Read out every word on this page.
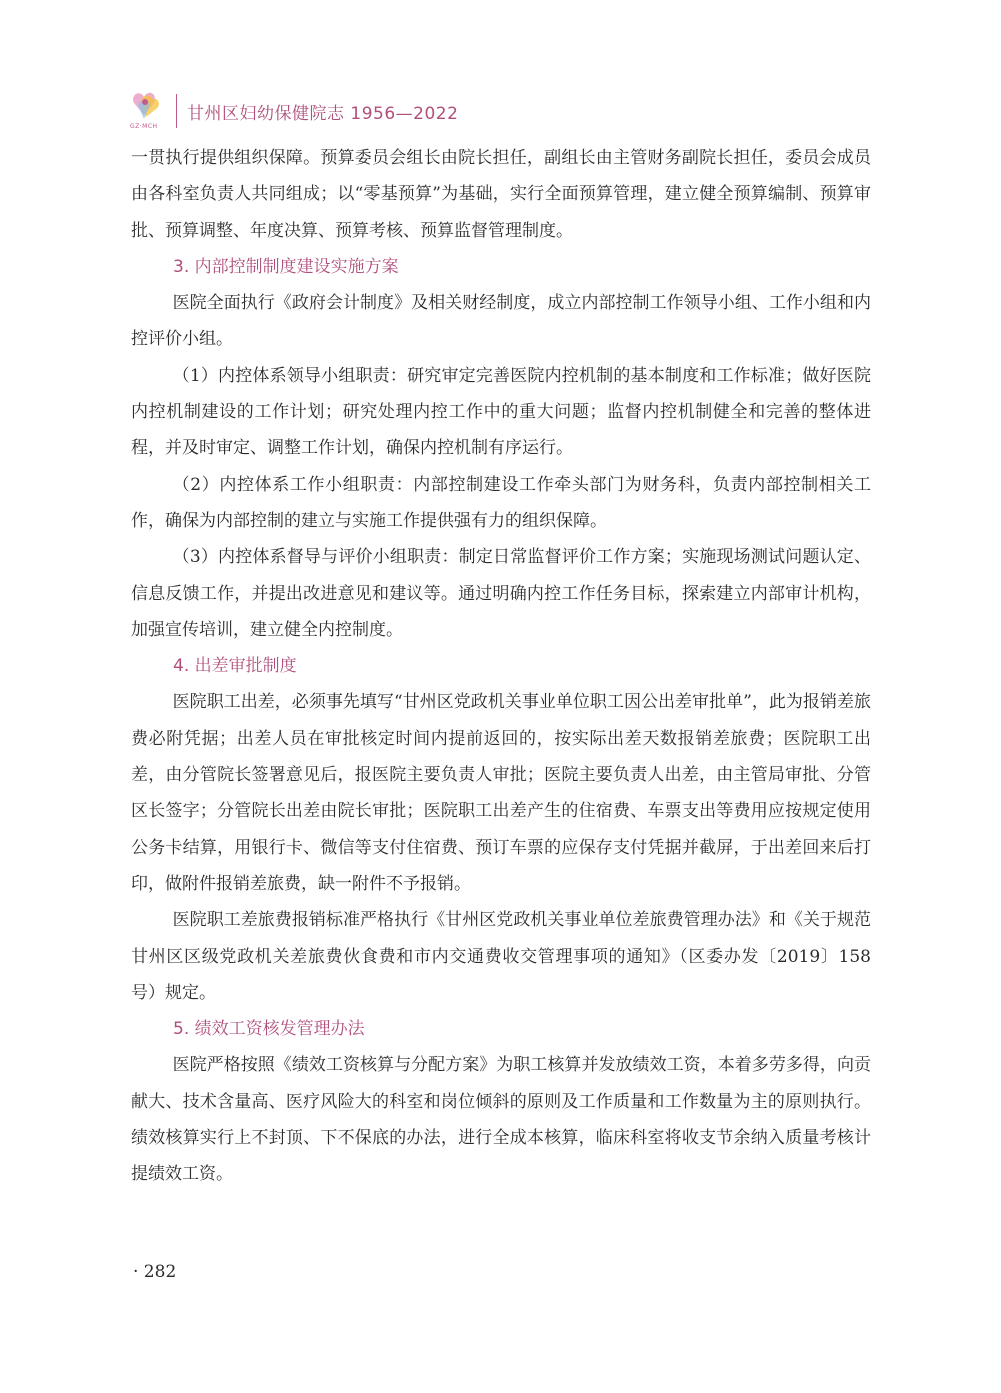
GZ·MCH
甘州区妇幼保健院志 1956—2022

一贯执行提供组织保障。预算委员会组长由院长担任，副组长由主管财务副院长担任，委员会成员由各科室负责人共同组成；以“零基预算”为基础，实行全面预算管理，建立健全预算编制、预算审批、预算调整、年度决算、预算考核、预算监督管理制度。

3. 内部控制制度建设实施方案

医院全面执行《政府会计制度》及相关财经制度，成立内部控制工作领导小组、工作小组和内控评价小组。

（1）内控体系领导小组职责：研究审定完善医院内控机制的基本制度和工作标准；做好医院内控机制建设的工作计划；研究处理内控工作中的重大问题；监督内控机制健全和完善的整体进程，并及时审定、调整工作计划，确保内控机制有序运行。

（2）内控体系工作小组职责：内部控制建设工作牵头部门为财务科，负责内部控制相关工作，确保为内部控制的建立与实施工作提供强有力的组织保障。

（3）内控体系督导与评价小组职责：制定日常监督评价工作方案；实施现场测试问题认定、信息反馈工作，并提出改进意见和建议等。通过明确内控工作任务目标，探索建立内部审计机构，加强宣传培训，建立健全内控制度。

4. 出差审批制度

医院职工出差，必须事先填写“甘州区党政机关事业单位职工因公出差审批单”，此为报销差旅费必附凭据；出差人员在审批核定时间内提前返回的，按实际出差天数报销差旅费；医院职工出差，由分管院长签署意见后，报医院主要负责人审批；医院主要负责人出差，由主管局审批、分管区长签字；分管院长出差由院长审批；医院职工出差产生的住宿费、车票支出等费用应按规定使用公务卡结算，用银行卡、微信等支付住宿费、预订车票的应保存支付凭据并截屏，于出差回来后打印，做附件报销差旅费，缺一附件不予报销。

医院职工差旅费报销标准严格执行《甘州区党政机关事业单位差旅费管理办法》和《关于规范甘州区区级党政机关差旅费伙食费和市内交通费收交管理事项的通知》（区委办发〔2019〕158 号）规定。

5. 绩效工资核发管理办法

医院严格按照《绩效工资核算与分配方案》为职工核算并发放绩效工资，本着多劳多得，向贡献大、技术含量高、医疗风险大的科室和岗位倾斜的原则及工作质量和工作数量为主的原则执行。绩效核算实行上不封顶、下不保底的办法，进行全成本核算，临床科室将收支节余纳入质量考核计提绩效工资。

· 282
